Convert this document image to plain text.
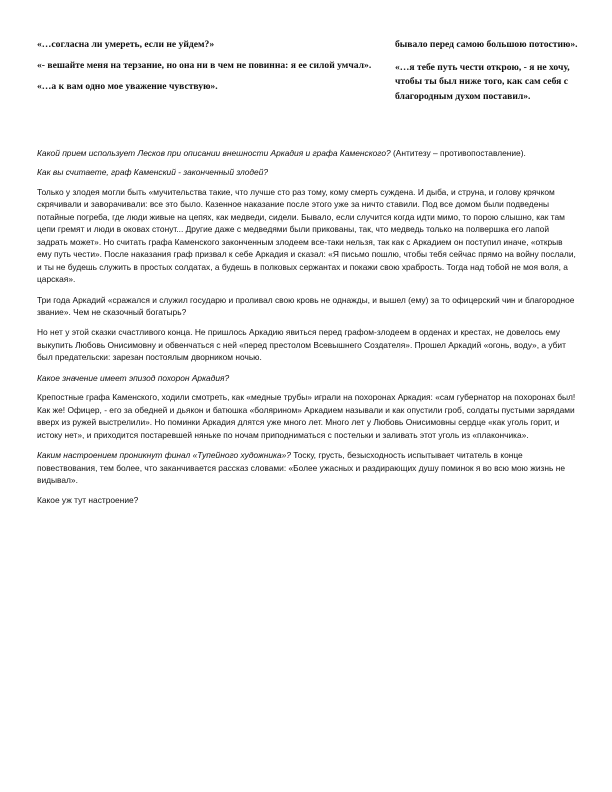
«…согласна ли умереть, если не уйдем?»

«- вешайте меня на терзание, но она ни в чем не повинна: я ее силой умчал».

«…а к вам одно мое уважение чувствую».

бывало перед самою большою потостию».

«…я тебе путь чести открою, - я не хочу, чтобы ты был ниже того, как сам себя с благородным духом поставил».

Какой прием использует Лесков при описании внешности Аркадия и графа Каменского? (Антитезу – противопоставление).

Как вы считаете, граф Каменский - законченный злодей?

Только у злодея могли быть «мучительства такие, что лучше сто раз тому, кому смерть суждена. И дыба, и струна, и голову крячком скрячивали и заворачивали: все это было. Казенное наказание после этого уже за ничто ставили. Под все домом были подведены потайные погреба, где люди живые на цепях, как медведи, сидели. Бывало, если случится когда идти мимо, то порою слышно, как там цепи гремят и люди в оковах стонут... Другие даже с медведями были прикованы, так, что медведь только на полвершка его лапой задрать может». Но считать графа Каменского законченным злодеем все-таки нельзя, так как с Аркадием он поступил иначе, «открыв ему путь чести». После наказания граф призвал к себе Аркадия и сказал: «Я письмо пошлю, чтобы тебя сейчас прямо на войну послали, и ты не будешь служить в простых солдатах, а будешь в полковых сержантах и покажи свою храбрость. Тогда над тобой не моя воля, а царская».

Три года Аркадий «сражался и служил государю и проливал свою кровь не однажды, и вышел (ему) за то офицерский чин и благородное звание». Чем не сказочный богатырь?

Но нет у этой сказки счастливого конца. Не пришлось Аркадию явиться перед графом-злодеем в орденах и крестах, не довелось ему выкупить Любовь Онисимовну и обвенчаться с ней «перед престолом Всевышнего Создателя». Прошел Аркадий «огонь, воду», а убит был предательски: зарезан постоялым дворником ночью.

Какое значение имеет эпизод похорон Аркадия?

Крепостные графа Каменского, ходили смотреть, как «медные трубы» играли на похоронах Аркадия: «сам губернатор на похоронах был! Как же! Офицер, - его за обедней и дьякон и батюшка «болярином» Аркадием называли и как опустили гроб, солдаты пустыми зарядами вверх из ружей выстрелили». Но поминки Аркадия длятся уже много лет. Много лет у Любовь Онисимовны сердце «как уголь горит, и истоку нет», и приходится постаревшей няньке по ночам приподниматься с постельки и заливать этот уголь из «плакончика».

Каким настроением проникнут финал «Тупейного художника»? Тоску, грусть, безысходность испытывает читатель в конце повествования, тем более, что заканчивается рассказ словами: «Более ужасных и раздирающих душу поминок я во всю мою жизнь не видывал».

Какое уж тут настроение?
